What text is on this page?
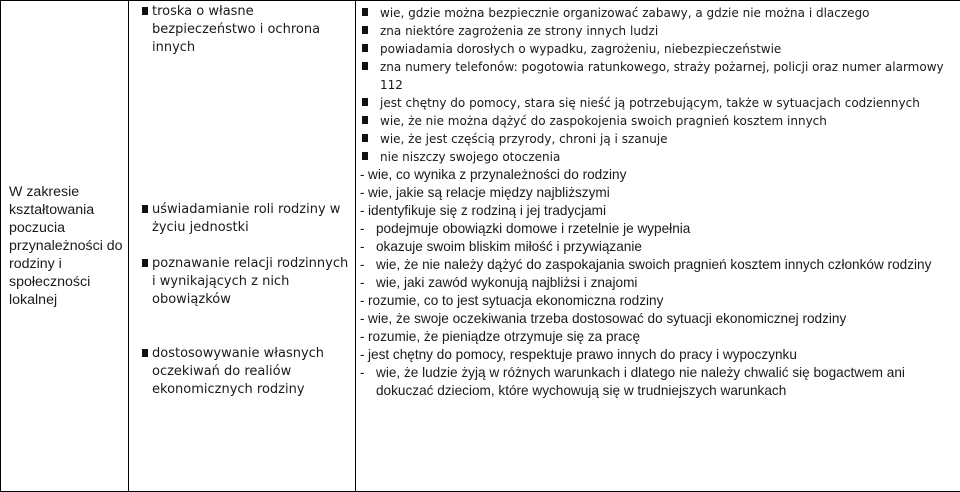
W zakresie kształtowania poczucia przynależności do rodziny i społeczności lokalnej

troska o własne bezpieczeństwo i ochrona innych
uświadamianie roli rodziny w życiu jednostki
poznawanie relacji rodzinnych i wynikających z nich obowiązków
dostosowywanie własnych oczekiwań do realiów ekonomicznych rodziny

wie, gdzie można bezpiecznie organizować zabawy, a gdzie nie można i dlaczego
zna niektóre zagrożenia ze strony innych ludzi
powiadamia dorosłych o wypadku, zagrożeniu, niebezpieczeństwie
zna numery telefonów: pogotowia ratunkowego, straży pożarnej, policji oraz numer alarmowy 112
jest chętny do pomocy, stara się nieść ją potrzebującym, także w sytuacjach codziennych
wie, że nie można dążyć do zaspokojenia swoich pragnień kosztem innych
wie, że jest częścią przyrody, chroni ją i szanuje
nie niszczy swojego otoczenia
- wie, co wynika z przynależności do rodziny
- wie, jakie są relacje między najbliższymi
- identyfikuje się z rodziną i jej tradycjami
- podejmuje obowiązki domowe i rzetelnie je wypełnia
- okazuje swoim bliskim miłość i przywiązanie
- wie, że nie należy dążyć do zaspokajania swoich pragnień kosztem innych członków rodziny
- wie, jaki zawód wykonują najbliżsi i znajomi
- rozumie, co to jest sytuacja ekonomiczna rodziny
- wie, że swoje oczekiwania trzeba dostosować do sytuacji ekonomicznej rodziny
- rozumie, że pieniądze otrzymuje się za pracę
- jest chętny do pomocy, respektuje prawo innych do pracy i wypoczynku
- wie, że ludzie żyją w różnych warunkach i dlatego nie należy chwalić się bogactwem ani dokuczać dzieciom, które wychowują się w trudniejszych warunkach
